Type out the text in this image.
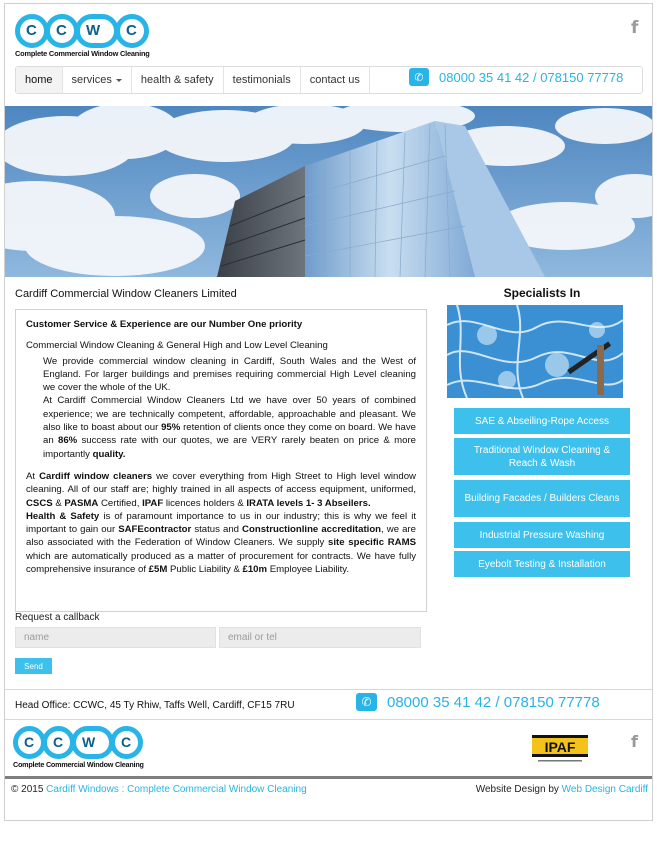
C C W C
Complete Commercial Window Cleaning
f
home services	health & safety testimonials contact us	✆	08000 35 41 42 / 078150 77778
Cardiff Commercial Window Cleaners Limited	Specialists In

Customer Service & Experience are our Number One priority

Commercial Window Cleaning & General High and Low Level Cleaning

We provide commercial window cleaning in Cardiff, South Wales and the West of England. For larger buildings and premises requiring commercial High Level cleaning we cover the whole of the UK.

At Cardiff Commercial Window Cleaners Ltd we have over 50 years of combined experience; we are technically competent, affordable, approachable and pleasant. We also like to boast about our 95% retention of clients once they come on board. We have an 86% success rate with our quotes, we are VERY rarely beaten on price & more importantly quality.

At Cardiff window cleaners we cover everything from High Street to High level window cleaning. All of our staff are; highly trained in all aspects of access equipment, uniformed, CSCS & PASMA Certified, IPAF licences holders & IRATA levels 1- 3 Abseilers.

Health & Safety is of paramount importance to us in our industry; this is why we feel it important to gain our SAFEcontractor status and Constructionline accreditation, we are also associated with the Federation of Window Cleaners. We supply site specific RAMS which are automatically produced as a matter of procurement for contracts. We have fully comprehensive insurance of £5M Public Liability & £10m Employee Liability.

SAE & Abseiling-Rope Access
Traditional Window Cleaning & Reach & Wash
Building Facades / Builders Cleans
Industrial Pressure Washing
Eyebolt Testing & Installation
Request a callback
name	email or tel
Send
Head Office: CCWC, 45 Ty Rhiw, Taffs Well, Cardiff, CF15 7RU	✆	08000 35 41 42 / 078150 77778
C C W C
Complete Commercial Window Cleaning
IPAF	f
© 2015 Cardiff Windows : Complete Commercial Window Cleaning	Website Design by Web Design Cardiff
